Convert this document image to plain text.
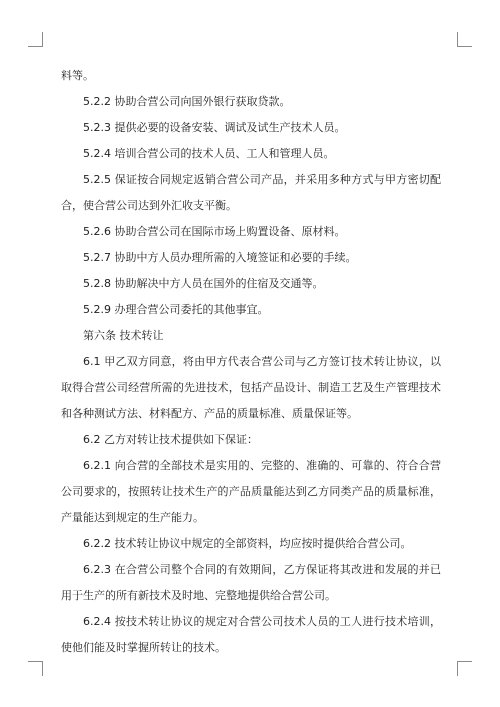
料等。

5.2.2 协助合营公司向国外银行获取贷款。

5.2.3 提供必要的设备安装、调试及试生产技术人员。

5.2.4 培训合营公司的技术人员、工人和管理人员。

5.2.5 保证按合同规定返销合营公司产品，并采用多种方式与甲方密切配合，使合营公司达到外汇收支平衡。

5.2.6 协助合营公司在国际市场上购置设备、原材料。

5.2.7 协助中方人员办理所需的入境签证和必要的手续。

5.2.8 协助解决中方人员在国外的住宿及交通等。

5.2.9 办理合营公司委托的其他事宜。

第六条 技术转让

6.1 甲乙双方同意，将由甲方代表合营公司与乙方签订技术转让协议，以取得合营公司经营所需的先进技术，包括产品设计、制造工艺及生产管理技术和各种测试方法、材料配方、产品的质量标准、质量保证等。

6.2 乙方对转让技术提供如下保证：

6.2.1 向合营的全部技术是实用的、完整的、准确的、可靠的、符合合营公司要求的，按照转让技术生产的产品质量能达到乙方同类产品的质量标准，产量能达到规定的生产能力。

6.2.2 技术转让协议中规定的全部资料，均应按时提供给合营公司。

6.2.3 在合营公司整个合同的有效期间，乙方保证将其改进和发展的并已用于生产的所有新技术及时地、完整地提供给合营公司。

6.2.4 按技术转让协议的规定对合营公司技术人员的工人进行技术培训，使他们能及时掌握所转让的技术。
